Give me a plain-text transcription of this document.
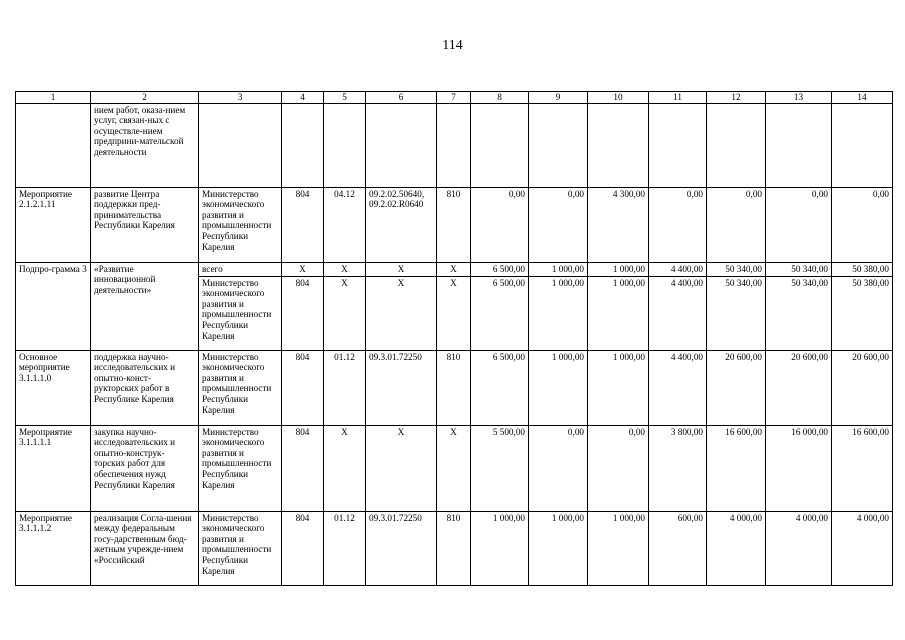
114
1	2	3	4	5	6	7	8	9	10	11	12	13	14
	нием работ, оказа-нием услуг, связан-ных с осуществле-нием предприни-мательской деятельности												
Мероприятие 2.1.2.1.11	развитие Центра поддержки пред-принимательства Республики Карелия	Министерство экономического развития и промышленности Республики Карелия	804	04.12	09.2.02.50640, 09.2.02.R0640	810	0,00	0,00	4 300,00	0,00	0,00	0,00	0,00
Подпро-грамма 3	«Развитие инновационной деятельности»	всего	Х	Х	Х	Х	6 500,00	1 000,00	1 000,00	4 400,00	50 340,00	50 340,00	50 380,00
		Министерство экономического развития и промышленности Республики Карелия	804	Х	Х	Х	6 500,00	1 000,00	1 000,00	4 400,00	50 340,00	50 340,00	50 380,00
Основное мероприятие 3.1.1.1.0	поддержка научно-исследовательских и опытно-конст-рукторских работ в Республике Карелия	Министерство экономического развития и промышленности Республики Карелия	804	01.12	09.3.01.72250	810	6 500,00	1 000,00	1 000,00	4 400,00	20 600,00	20 600,00	20 600,00
Мероприятие 3.1.1.1.1	закупка научно-исследовательских и опытно-конструк-торских работ для обеспечения нужд Республики Карелия	Министерство экономического развития и промышленности Республики Карелия	804	Х	Х	Х	5 500,00	0,00	0,00	3 800,00	16 600,00	16 000,00	16 600,00
Мероприятие 3.1.1.1.2	реализация Согла-шения между федеральным госу-дарственным бюд-жетным учрежде-нием «Российский	Министерство экономического развития и промышленности Республики Карелия	804	01.12	09.3.01.72250	810	1 000,00	1 000,00	1 000,00	600,00	4 000,00	4 000,00	4 000,00
